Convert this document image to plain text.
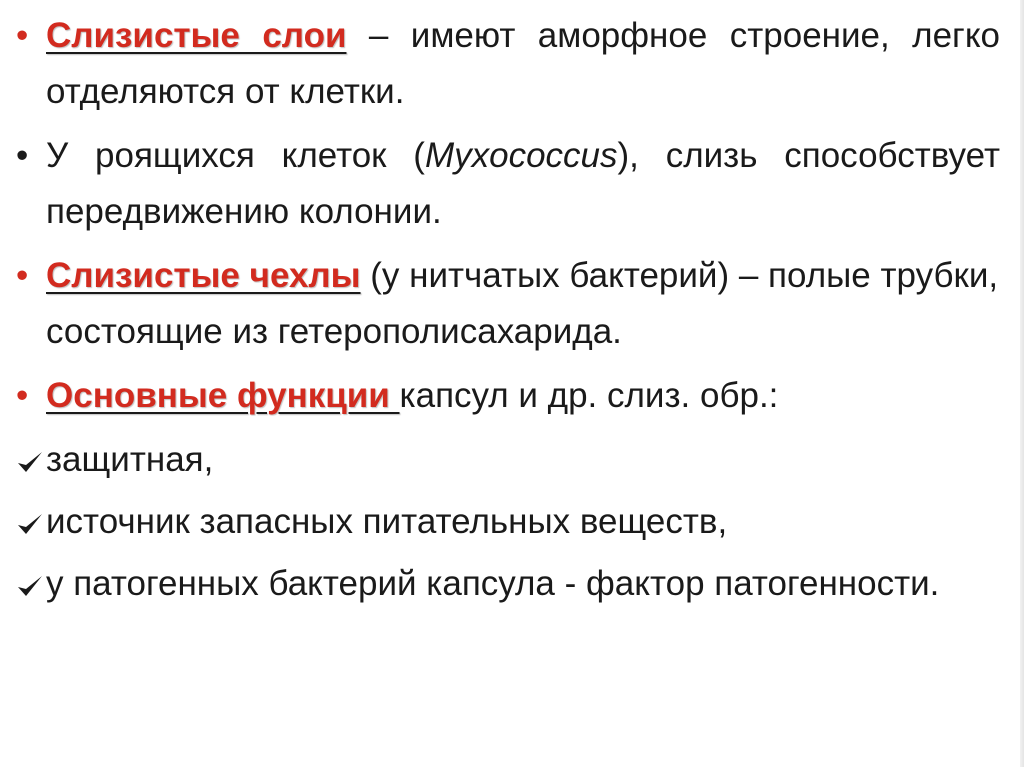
• Слизистые слои – имеют аморфное строение, легко отделяются от клетки.
• У роящихся клеток (Myxococcus), слизь способствует передвижению колонии.
• Слизистые чехлы (у нитчатых бактерий) – полые трубки, состоящие из гетерополисахарида.
• Основные функции капсул и др. слиз. обр.:
защитная,
источник запасных питательных веществ,
у патогенных бактерий капсула - фактор патогенности.
